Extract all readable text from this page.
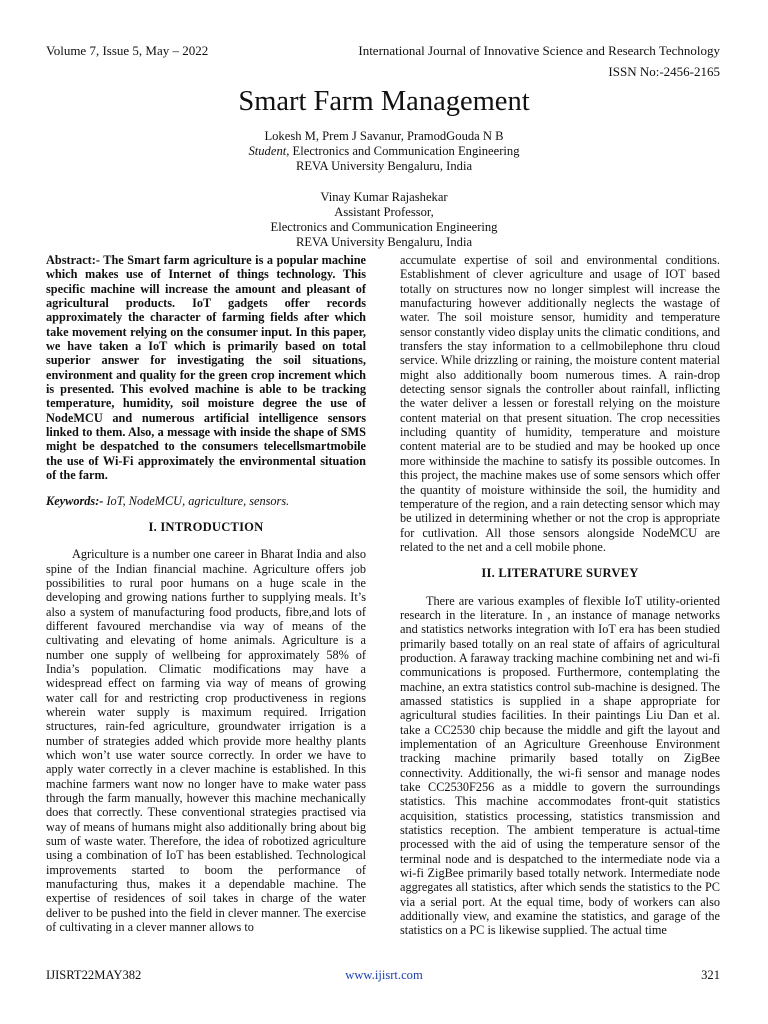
Volume 7, Issue 5, May – 2022	International Journal of Innovative Science and Research Technology
ISSN No:-2456-2165
Smart Farm Management
Lokesh M, Prem J Savanur, PramodGouda N B
Student, Electronics and Communication Engineering
REVA University Bengaluru, India
Vinay Kumar Rajashekar
Assistant Professor,
Electronics and Communication Engineering
REVA University Bengaluru, India

Abstract:- The Smart farm agriculture is a popular machine which makes use of Internet of things technology. This specific machine will increase the amount and pleasant of agricultural products. IoT gadgets offer records approximately the character of farming fields after which take movement relying on the consumer input. In this paper, we have taken a IoT which is primarily based on total superior answer for investigating the soil situations, environment and quality for the green crop increment which is presented. This evolved machine is able to be tracking temperature, humidity, soil moisture degree the use of NodeMCU and numerous artificial intelligence sensors linked to them. Also, a message with inside the shape of SMS might be despatched to the consumers telecellsmartmobile the use of Wi-Fi approximately the environmental situation of the farm.

Keywords:- IoT, NodeMCU, agriculture, sensors.

I. INTRODUCTION

Agriculture is a number one career in Bharat India and also spine of the Indian financial machine. Agriculture offers job possibilities to rural poor humans on a huge scale in the developing and growing nations further to supplying meals. It’s also a system of manufacturing food products, fibre,and lots of different favoured merchandise via way of means of the cultivating and elevating of home animals. Agriculture is a number one supply of wellbeing for approximately 58% of India’s population. Climatic modifications may have a widespread effect on farming via way of means of growing water call for and restricting crop productiveness in regions wherein water supply is maximum required. Irrigation structures, rain-fed agriculture, groundwater irrigation is a number of strategies added which provide more healthy plants which won’t use water source correctly. In order we have to apply water correctly in a clever machine is established. In this machine farmers want now no longer have to make water pass through the farm manually, however this machine mechanically does that correctly. These conventional strategies practised via way of means of humans might also additionally bring about big sum of waste water. Therefore, the idea of robotized agriculture using a combination of IoT has been established. Technological improvements started to boom the performance of manufacturing thus, makes it a dependable machine. The expertise of residences of soil takes in charge of the water deliver to be pushed into the field in clever manner. The exercise of cultivating in a clever manner allows to

accumulate expertise of soil and environmental conditions. Establishment of clever agriculture and usage of IOT based totally on structures now no longer simplest will increase the manufacturing however additionally neglects the wastage of water. The soil moisture sensor, humidity and temperature sensor constantly video display units the climatic conditions, and transfers the stay information to a cellmobilephone thru cloud service. While drizzling or raining, the moisture content material might also additionally boom numerous times. A rain-drop detecting sensor signals the controller about rainfall, inflicting the water deliver a lessen or forestall relying on the moisture content material on that present situation. The crop necessities including quantity of humidity, temperature and moisture content material are to be studied and may be hooked up once more withinside the machine to satisfy its possible outcomes. In this project, the machine makes use of some sensors which offer the quantity of moisture withinside the soil, the humidity and temperature of the region, and a rain detecting sensor which may be utilized in determining whether or not the crop is appropriate for cutlivation. All those sensors alongside NodeMCU are related to the net and a cell mobile phone.

II. LITERATURE SURVEY

There are various examples of flexible IoT utility-oriented research in the literature. In , an instance of manage networks and statistics networks integration with IoT era has been studied primarily based totally on an real state of affairs of agricultural production. A faraway tracking machine combining net and wi-fi communications is proposed. Furthermore, contemplating the machine, an extra statistics control sub-machine is designed. The amassed statistics is supplied in a shape appropriate for agricultural studies facilities. In their paintings Liu Dan et al. take a CC2530 chip because the middle and gift the layout and implementation of an Agriculture Greenhouse Environment tracking machine primarily based totally on ZigBee connectivity. Additionally, the wi-fi sensor and manage nodes take CC2530F256 as a middle to govern the surroundings statistics. This machine accommodates front-quit statistics acquisition, statistics processing, statistics transmission and statistics reception. The ambient temperature is actual-time processed with the aid of using the temperature sensor of the terminal node and is despatched to the intermediate node via a wi-fi ZigBee primarily based totally network. Intermediate node aggregates all statistics, after which sends the statistics to the PC via a serial port. At the equal time, body of workers can also additionally view, and examine the statistics, and garage of the statistics on a PC is likewise supplied. The actual time

IJISRT22MAY382	www.ijisrt.com	321
